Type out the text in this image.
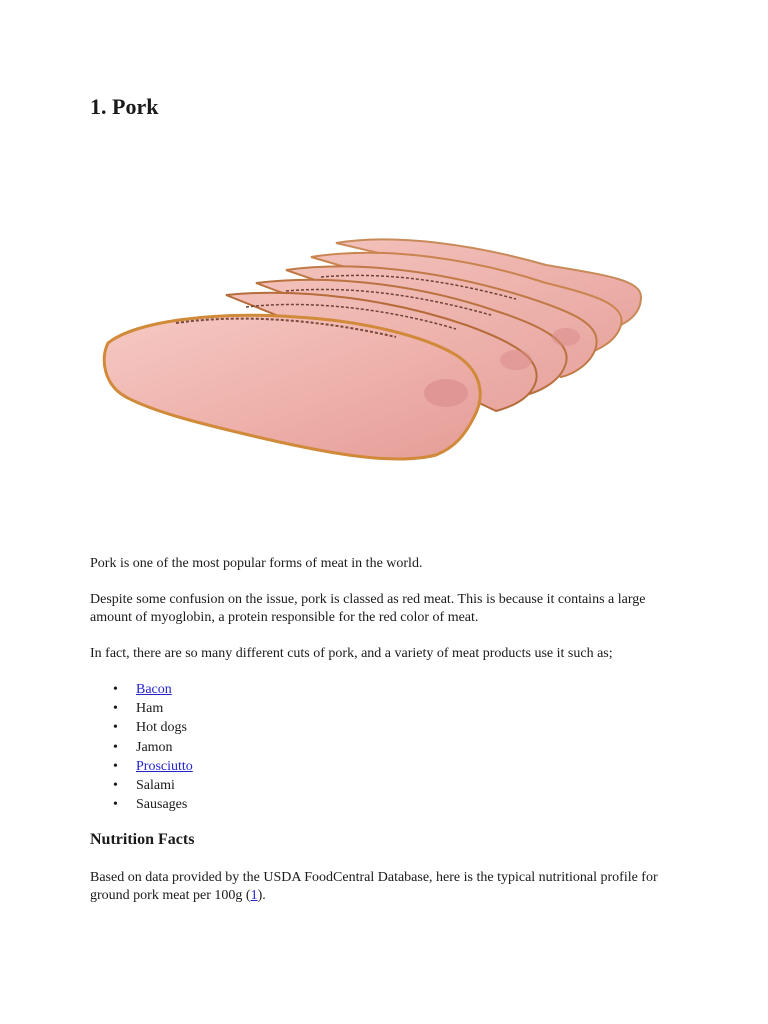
1. Pork

Pork is one of the most popular forms of meat in the world.

Despite some confusion on the issue, pork is classed as red meat. This is because it contains a large amount of myoglobin, a protein responsible for the red color of meat.

In fact, there are so many different cuts of pork, and a variety of meat products use it such as;

• Bacon
• Ham
• Hot dogs
• Jamon
• Prosciutto
• Salami
• Sausages
Nutrition Facts

Based on data provided by the USDA FoodCentral Database, here is the typical nutritional profile for ground pork meat per 100g (1).
